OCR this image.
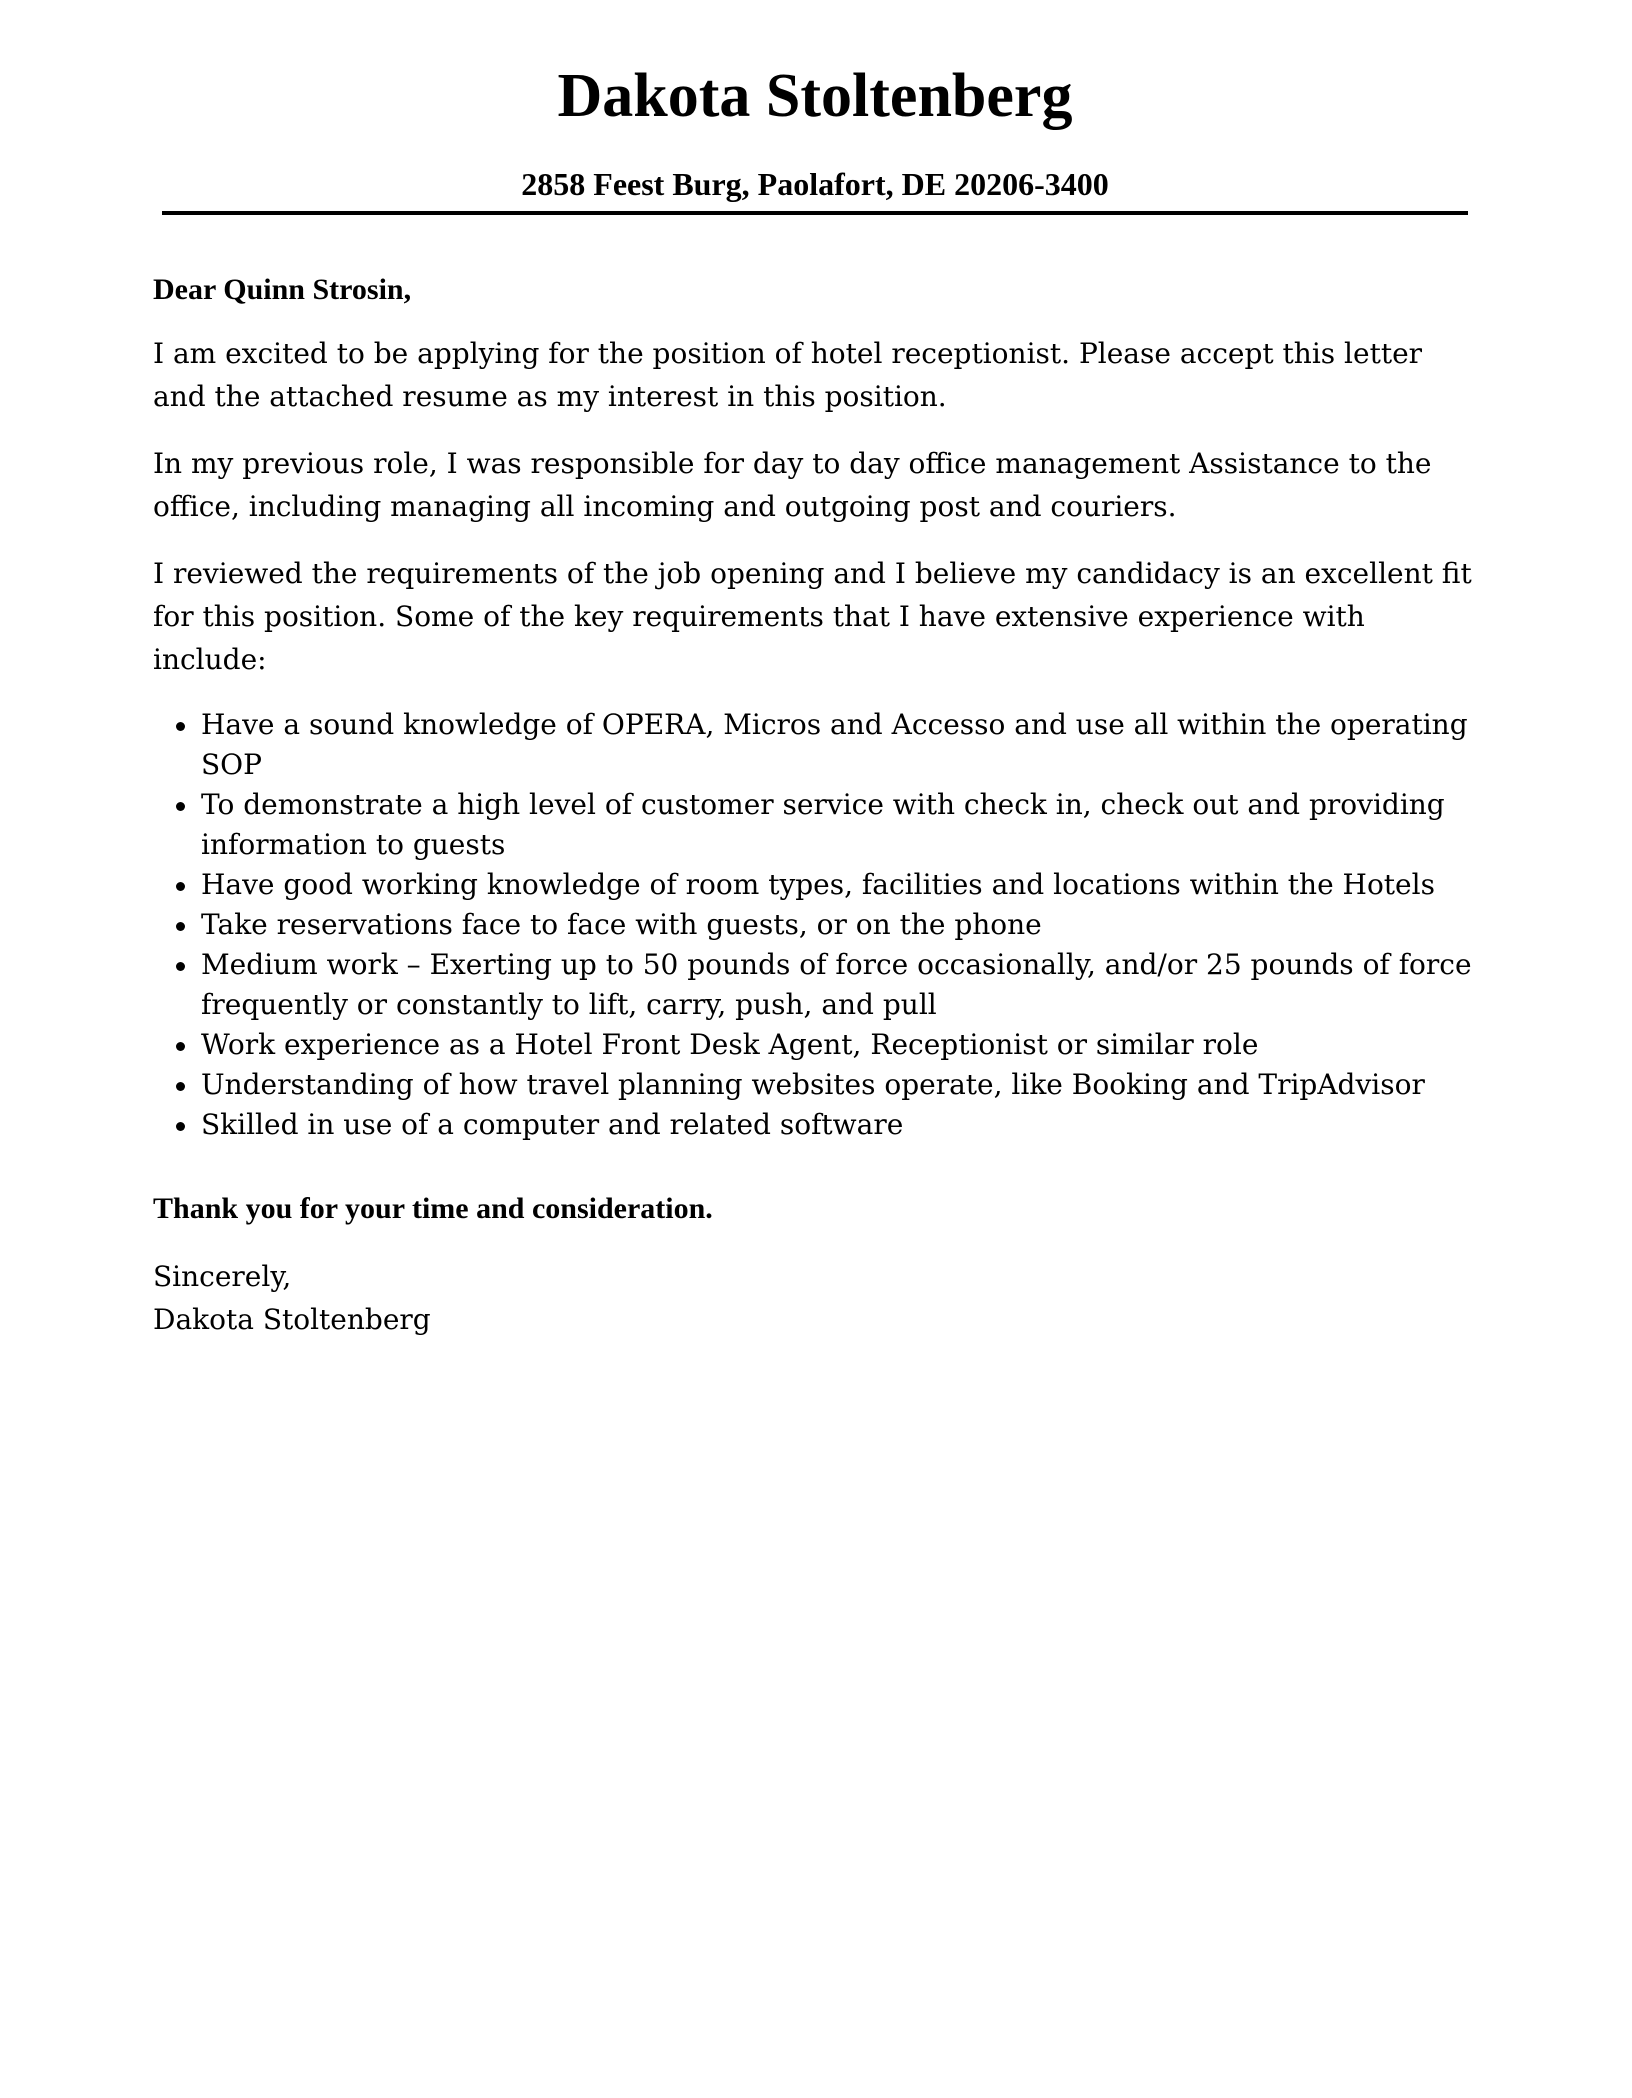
Dakota Stoltenberg
2858 Feest Burg, Paolafort, DE 20206-3400

Dear Quinn Strosin,

I am excited to be applying for the position of hotel receptionist. Please accept this letter and the attached resume as my interest in this position.

In my previous role, I was responsible for day to day office management Assistance to the office, including managing all incoming and outgoing post and couriers.

I reviewed the requirements of the job opening and I believe my candidacy is an excellent fit for this position. Some of the key requirements that I have extensive experience with include:

Have a sound knowledge of OPERA, Micros and Accesso and use all within the operating SOP
To demonstrate a high level of customer service with check in, check out and providing information to guests
Have good working knowledge of room types, facilities and locations within the Hotels
Take reservations face to face with guests, or on the phone
Medium work – Exerting up to 50 pounds of force occasionally, and/or 25 pounds of force frequently or constantly to lift, carry, push, and pull
Work experience as a Hotel Front Desk Agent, Receptionist or similar role
Understanding of how travel planning websites operate, like Booking and TripAdvisor
Skilled in use of a computer and related software

Thank you for your time and consideration.

Sincerely,

Dakota Stoltenberg
